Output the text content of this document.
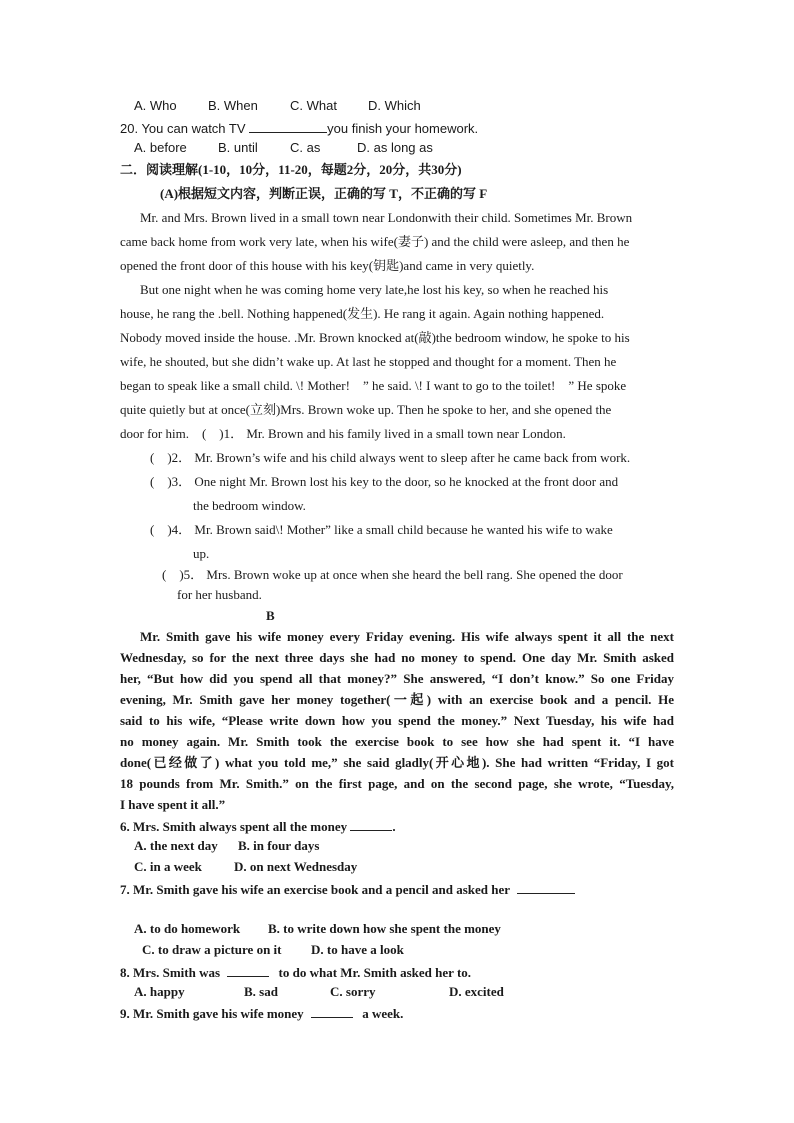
A. Who B. When C. What D. Which
20. You can watch TV	you finish your homework.
A. before B. until C. as	D. as long as
二．阅读理解(1-10，10分，11-20，每题2分，20分，共30分)
(A)根据短文内容，判断正误，正确的写 T，不正确的写 F
Mr. and Mrs. Brown lived in a small town near Londonwith their child. Sometimes Mr. Brown
came back home from work very late, when his wife(妻子) and the child were asleep, and then he
opened the front door of this house with his key(钥匙)and came in very quietly.
But one night when he was coming home very late,he lost his key, so when he reached his
house, he rang the .bell. Nothing happened(发生). He rang it again. Again nothing happened.
Nobody moved inside the house. .Mr. Brown knocked at(敲)the bedroom window, he spoke to his
wife, he shouted, but she didn’t wake up. At last he stopped and thought for a moment. Then he
began to speak like a small child. \! Mother!　” he said. \! I want to go to the toilet!　” He spoke
quite quietly but at once(立刻)Mrs. Brown woke up. Then he spoke to her, and she opened the
door for him.　(　)1． Mr. Brown and his family lived in a small town near London.
(　)2． Mr. Brown’s wife and his child always went to sleep after he came back from work.
(　)3． One night Mr. Brown lost his key to the door, so he knocked at the front door and
the bedroom window.
(　)4． Mr. Brown said\! Mother” like a small child because he wanted his wife to wake
up.
(　)5． Mrs. Brown woke up at once when she heard the bell rang. She opened the door
for her husband.
B
Mr. Smith gave his wife money every Friday evening. His wife always spent it all the next
Wednesday, so for the next three days she had no money to spend. One day Mr. Smith asked
her, “But how did you spend all that money?” She answered, “I don’t know.” So one Friday
evening, Mr. Smith gave her money together(一起) with an exercise book and a pencil. He
said to his wife, “Please write down how you spend the money.” Next Tuesday, his wife had
no money again. Mr. Smith took the exercise book to see how she had spent it. “I have
done(已经做了) what you told me,” she said gladly(开心地). She had written “Friday, I got
18 pounds from Mr. Smith.” on the first page, and on the second page, she wrote, “Tuesday,
I have spent it all.”
6. Mrs. Smith always spent all the money	.
A. the next day B. in four days
C. in a week D. on next Wednesday
7. Mr. Smith gave his wife an exercise book and a pencil and asked her
A. to do homework B. to write down how she spent the money
C. to draw a picture on it D. to have a look
8. Mrs. Smith was	to do what Mr. Smith asked her to.
A. happy	B. sad	C. sorry	D. excited
9. Mr. Smith gave his wife money	a week.
